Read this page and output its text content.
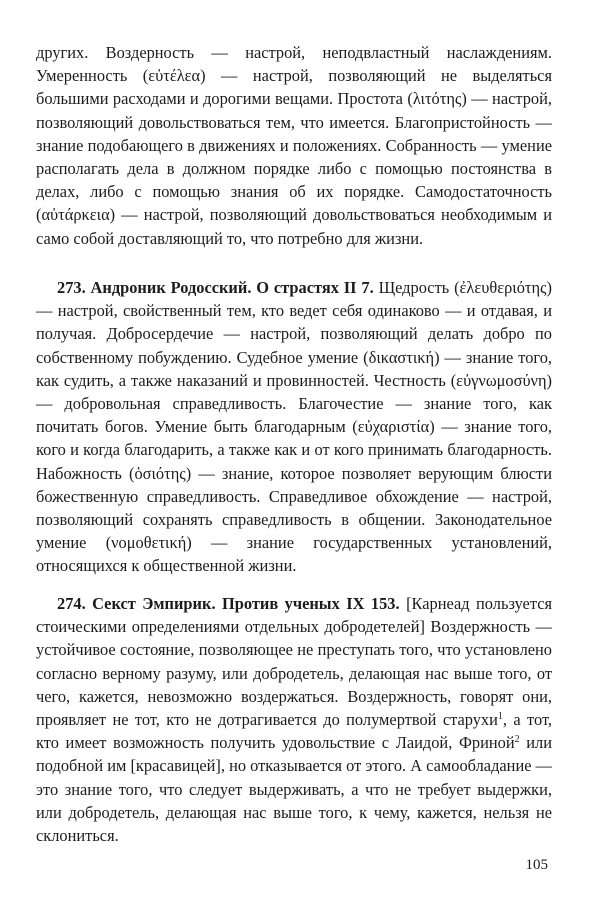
других. Воздерность — настрой, неподвластный наслаждениям. Умеренность (εὐτέλεα) — настрой, позволяющий не выделяться большими расходами и дорогими вещами. Простота (λιτότης) — настрой, позволяющий довольствоваться тем, что имеется. Благопристойность — знание подобающего в движениях и положениях. Собранность — умение располагать дела в должном порядке либо с помощью постоянства в делах, либо с помощью знания об их порядке. Самодостаточность (αὐτάρκεια) — настрой, позволяющий довольствоваться необходимым и само собой доставляющий то, что потребно для жизни.

273. Андроник Родосский. О страстях II 7. Щедрость (ἐλευθεριότης) — настрой, свойственный тем, кто ведет себя одинаково — и отдавая, и получая. Добросердечие — настрой, позволяющий делать добро по собственному побуждению. Судебное умение (δικαστική) — знание того, как судить, а также наказаний и провинностей. Честность (εὐγνωμοσύνη) — добровольная справедливость. Благочестие — знание того, как почитать богов. Умение быть благодарным (εὐχαριστία) — знание того, кого и когда благодарить, а также как и от кого принимать благодарность. Набожность (ὁσιότης) — знание, которое позволяет верующим блюсти божественную справедливость. Справедливое обхождение — настрой, позволяющий сохранять справедливость в общении. Законодательное умение (νομοθετική) — знание государственных установлений, относящихся к общественной жизни.

274. Секст Эмпирик. Против ученых IX 153. [Карнеад пользуется стоическими определениями отдельных добродетелей] Воздержность — устойчивое состояние, позволяющее не преступать того, что установлено согласно верному разуму, или добродетель, делающая нас выше того, от чего, кажется, невозможно воздержаться. Воздержность, говорят они, проявляет не тот, кто не дотрагивается до полумертвой старухи$^1$, а тот, кто имеет возможность получить удовольствие с Лаидой, Фриной$^2$ или подобной им [красавицей], но отказывается от этого. А самообладание — это знание того, что следует выдерживать, а что не требует выдержки, или добродетель, делающая нас выше того, к чему, кажется, нельзя не склониться.

105
